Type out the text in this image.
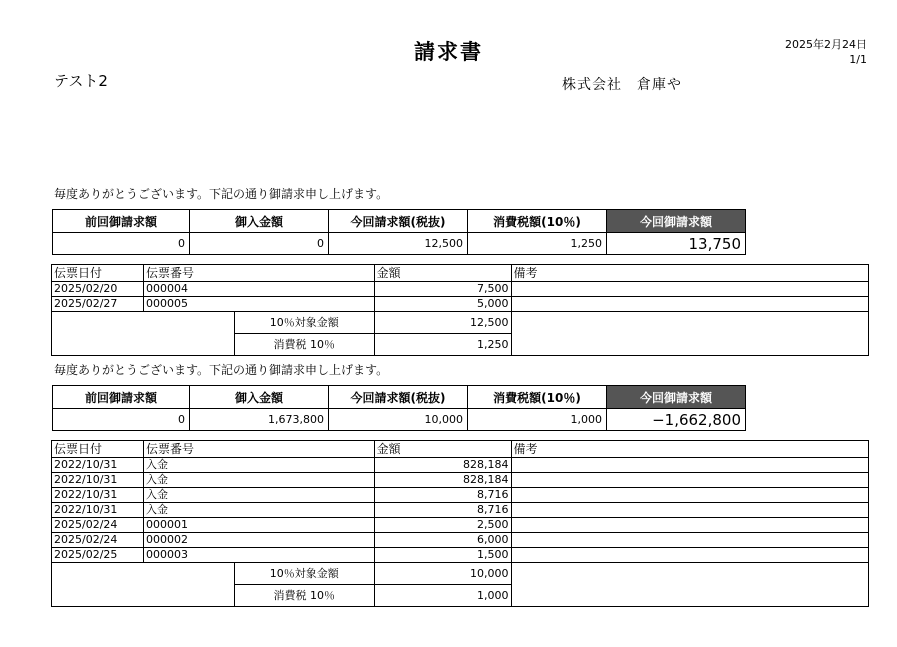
請求書	2025年2月24日
1/1
テスト2	株式会社　倉庫や
毎度ありがとうございます。下記の通り御請求申し上げます。
前回御請求額	御入金額	今回請求額(税抜)	消費税額(10％)	今回御請求額
0	0	12,500	1,250	13,750
伝票日付	伝票番号		金額	備考
2025/02/20	000004		7,500	
2025/02/27	000005		5,000	
		10％対象金額	12,500	
		消費税 10％	1,250	
毎度ありがとうございます。下記の通り御請求申し上げます。
前回御請求額	御入金額	今回請求額(税抜)	消費税額(10％)	今回御請求額
0	1,673,800	10,000	1,000	−1,662,800
伝票日付	伝票番号		金額	備考
2022/10/31	入金		828,184	
2022/10/31	入金		828,184	
2022/10/31	入金		8,716	
2022/10/31	入金		8,716	
2025/02/24	000001		2,500	
2025/02/24	000002		6,000	
2025/02/25	000003		1,500	
		10％対象金額	10,000	
		消費税 10％	1,000	
